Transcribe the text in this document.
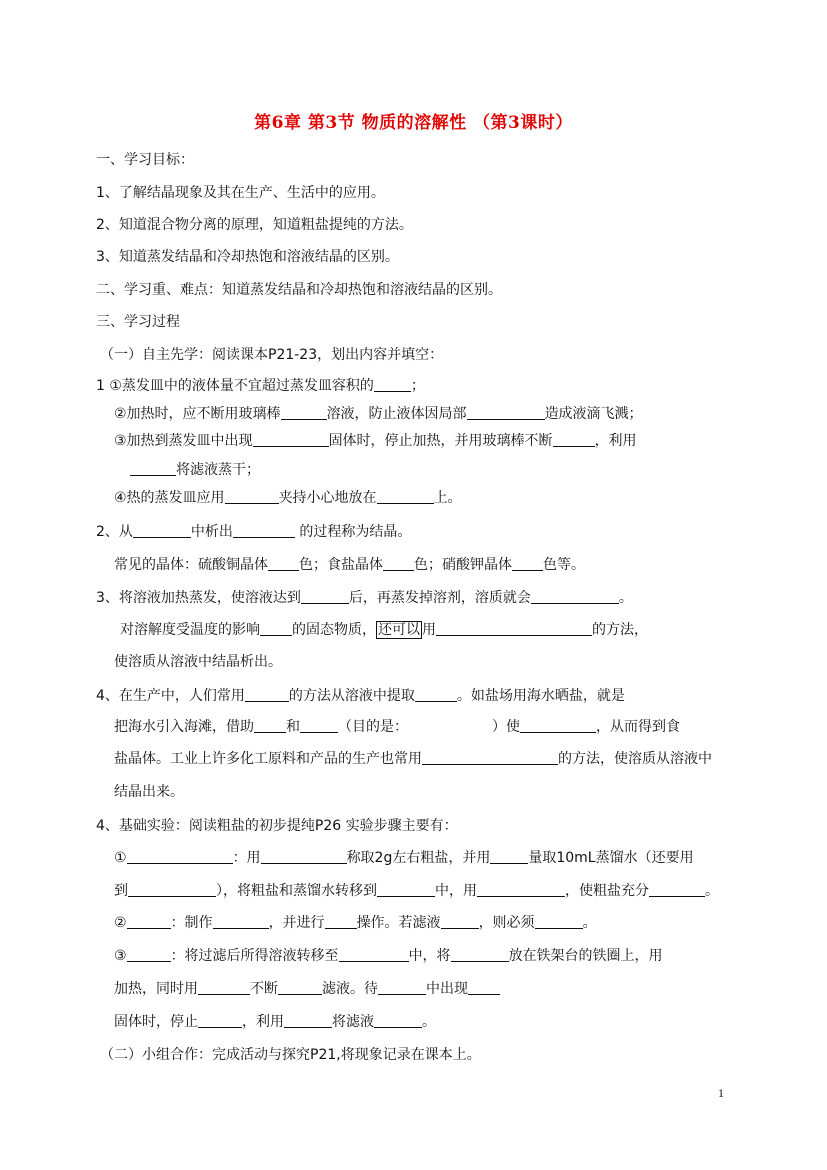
第6章 第3节 物质的溶解性 （第3课时）
一、学习目标：
1、了解结晶现象及其在生产、生活中的应用。
2、知道混合物分离的原理，知道粗盐提纯的方法。
3、知道蒸发结晶和冷却热饱和溶液结晶的区别。
二、学习重、难点：知道蒸发结晶和冷却热饱和溶液结晶的区别。
三、学习过程
（一）自主先学：阅读课本P21-23，划出内容并填空：
1 ①蒸发皿中的液体量不宜超过蒸发皿容积的	；
②加热时，应不断用玻璃棒	溶液，防止液体因局部	造成液滴飞溅；
③加热到蒸发皿中出现	固体时，停止加热，并用玻璃棒不断	，利用
将滤液蒸干；
④热的蒸发皿应用	夹持小心地放在	上。
2、从	中析出	的过程称为结晶。
常见的晶体：硫酸铜晶体 色；食盐晶体 色；硝酸钾晶体 色等。
3、将溶液加热蒸发，使溶液达到	后，再蒸发掉溶剂，溶质就会	。
对溶解度受温度的影响 的固态物质， 还可以 用	的方法，
使溶质从溶液中结晶析出。
4、在生产中，人们常用	的方法从溶液中提取	。如盐场用海水晒盐，就是
把海水引入海滩，借助 和	（目的是：	）使	，从而得到食
盐晶体。工业上许多化工原料和产品的生产也常用	的方法，使溶质从溶液中
结晶出来。
4、基础实验：阅读粗盐的初步提纯P26 实验步骤主要有：
①	：用	称取2g左右粗盐，并用	量取10mL蒸馏水（还要用
到	），将粗盐和蒸馏水转移到	中，用	，使粗盐充分	。
②	：制作	，并进行 操作。若滤液	，则必须	。
③	：将过滤后所得溶液转移至	中，将	放在铁架台的铁圈上，用
加热，同时用	不断	滤液。待	中出现
固体时，停止	，利用	将滤液	。
（二）小组合作：完成活动与探究P21,将现象记录在课本上。
1
